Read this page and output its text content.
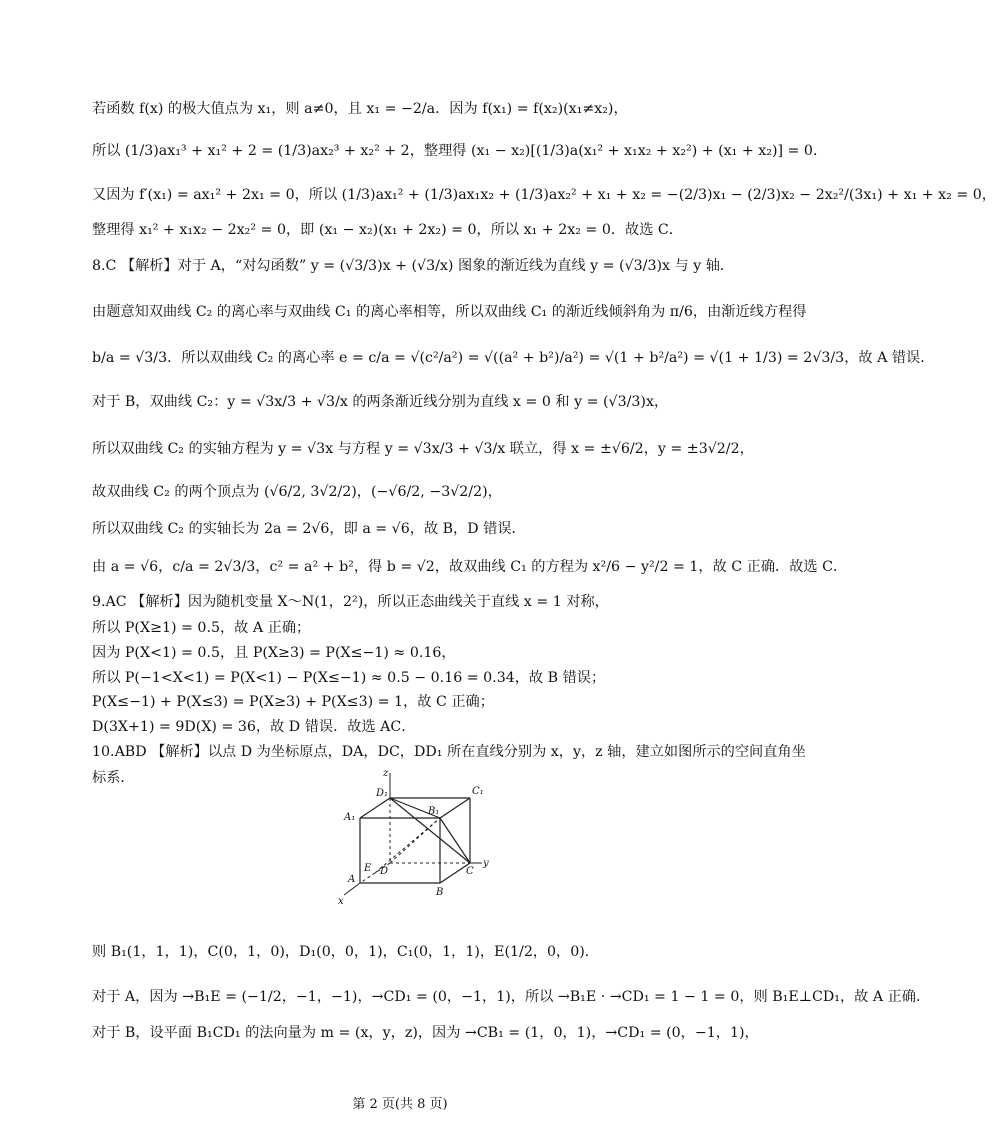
若函数 f(x) 的极大值点为 x₁，则 a≠0，且 x₁ = −2/a．因为 f(x₁) = f(x₂)(x₁≠x₂)，
所以 (1/3)ax₁³ + x₁² + 2 = (1/3)ax₂³ + x₂² + 2，整理得 (x₁ − x₂)[(1/3)a(x₁² + x₁x₂ + x₂²) + (x₁ + x₂)] = 0．
又因为 f′(x₁) = ax₁² + 2x₁ = 0，所以 (1/3)ax₁² + (1/3)ax₁x₂ + (1/3)ax₂² + x₁ + x₂ = −(2/3)x₁ − (2/3)x₂ − 2x₂²/(3x₁) + x₁ + x₂ = 0，
整理得 x₁² + x₁x₂ − 2x₂² = 0，即 (x₁ − x₂)(x₁ + 2x₂) = 0，所以 x₁ + 2x₂ = 0．故选 C．
8.C 【解析】对于 A，“对勾函数” y = (√3/3)x + (√3/x) 图象的渐近线为直线 y = (√3/3)x 与 y 轴．
由题意知双曲线 C₂ 的离心率与双曲线 C₁ 的离心率相等，所以双曲线 C₁ 的渐近线倾斜角为 π/6，由渐近线方程得
b/a = √3/3．所以双曲线 C₂ 的离心率 e = c/a = √(c²/a²) = √((a² + b²)/a²) = √(1 + b²/a²) = √(1 + 1/3) = 2√3/3，故 A 错误．
对于 B，双曲线 C₂：y = √3x/3 + √3/x 的两条渐近线分别为直线 x = 0 和 y = (√3/3)x，
所以双曲线 C₂ 的实轴方程为 y = √3x 与方程 y = √3x/3 + √3/x 联立，得 x = ±√6/2，y = ±3√2/2，
故双曲线 C₂ 的两个顶点为 (√6/2, 3√2/2)，(−√6/2, −3√2/2)，
所以双曲线 C₂ 的实轴长为 2a = 2√6，即 a = √6，故 B，D 错误．
由 a = √6，c/a = 2√3/3，c² = a² + b²，得 b = √2，故双曲线 C₁ 的方程为 x²/6 − y²/2 = 1，故 C 正确．故选 C．
9.AC 【解析】因为随机变量 X～N(1，2²)，所以正态曲线关于直线 x = 1 对称，
所以 P(X≥1) = 0.5，故 A 正确；
因为 P(X<1) = 0.5，且 P(X≥3) = P(X≤−1) ≈ 0.16，
所以 P(−1<X<1) = P(X<1) − P(X≤−1) ≈ 0.5 − 0.16 = 0.34，故 B 错误；
P(X≤−1) + P(X≤3) = P(X≥3) + P(X≤3) = 1，故 C 正确；
D(3X+1) = 9D(X) = 36，故 D 错误．故选 AC．
10.ABD 【解析】以点 D 为坐标原点，DA，DC，DD₁ 所在直线分别为 x，y，z 轴，建立如图所示的空间直角坐
标系．	z
D₁	C₁
A₁
B₁
E D	C
y
A
B
x
则 B₁(1，1，1)，C(0，1，0)，D₁(0，0，1)，C₁(0，1，1)，E(1/2，0，0)．
对于 A，因为 →B₁E = (−1/2，−1，−1)，→CD₁ = (0，−1，1)，所以 →B₁E · →CD₁ = 1 − 1 = 0，则 B₁E⊥CD₁，故 A 正确．
对于 B，设平面 B₁CD₁ 的法向量为 m = (x，y，z)，因为 →CB₁ = (1，0，1)，→CD₁ = (0，−1，1)，
第 2 页(共 8 页)
